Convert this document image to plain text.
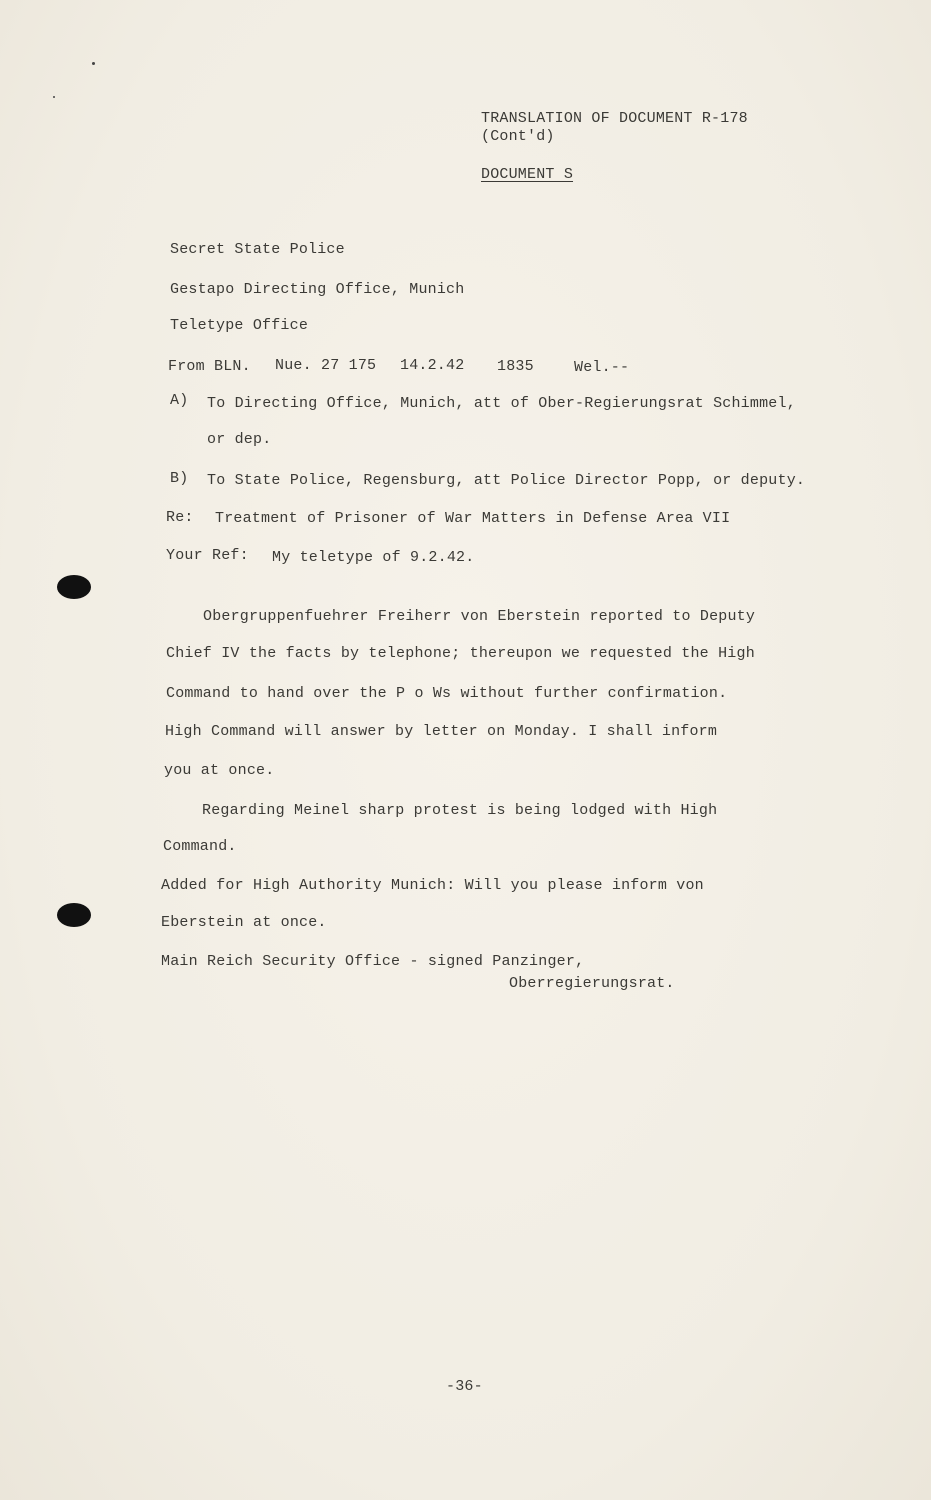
TRANSLATION OF DOCUMENT R-178
(Cont'd)
DOCUMENT S
Secret State Police
Gestapo Directing Office, Munich
Teletype Office
From BLN. Nue. 27 175 14.2.42 1835	Wel.--
A) To Directing Office, Munich, att of Ober-Regierungsrat Schimmel,
or dep.
B) To State Police, Regensburg, att Police Director Popp, or deputy.
Re: Treatment of Prisoner of War Matters in Defense Area VII
Your Ref: My teletype of 9.2.42.
Obergruppenfuehrer Freiherr von Eberstein reported to Deputy
Chief IV the facts by telephone; thereupon we requested the High
Command to hand over the P o Ws without further confirmation.
High Command will answer by letter on Monday. I shall inform
you at once.
Regarding Meinel sharp protest is being lodged with High
Command.
Added for High Authority Munich: Will you please inform von
Eberstein at once.
Main Reich Security Office - signed Panzinger,
Oberregierungsrat.
-36-
